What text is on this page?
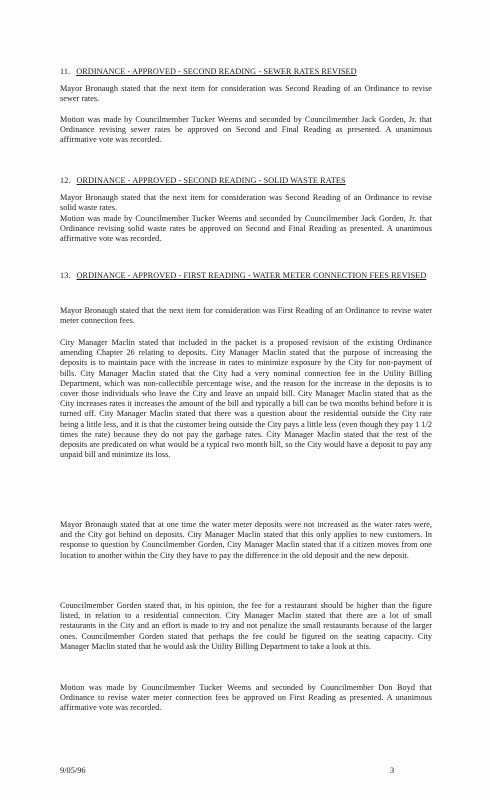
11. ORDINANCE - APPROVED - SECOND READING - SEWER RATES REVISED
Mayor Bronaugh stated that the next item for consideration was Second Reading of an Ordinance to revise sewer rates.
Motion was made by Councilmember Tucker Weems and seconded by Councilmember Jack Gorden, Jr. that Ordinance revising sewer rates be approved on Second and Final Reading as presented. A unanimous affirmative vote was recorded.
12. ORDINANCE - APPROVED - SECOND READING - SOLID WASTE RATES
Mayor Bronaugh stated that the next item for consideration was Second Reading of an Ordinance to revise solid waste rates.
Motion was made by Councilmember Tucker Weems and seconded by Councilmember Jack Gorden, Jr. that Ordinance revising solid waste rates be approved on Second and Final Reading as presented. A unanimous affirmative vote was recorded.
13. ORDINANCE - APPROVED - FIRST READING - WATER METER CONNECTION FEES REVISED
Mayor Bronaugh stated that the next item for consideration was First Reading of an Ordinance to revise water meter connection fees.
City Manager Maclin stated that included in the packet is a proposed revision of the existing Ordinance amending Chapter 26 relating to deposits. City Manager Maclin stated that the purpose of increasing the deposits is to maintain pace with the increase in rates to minimize exposure by the City for non-payment of bills. City Manager Maclin stated that the City had a very nominal connection fee in the Utility Billing Department, which was non-collectible percentage wise, and the reason for the increase in the deposits is to cover those individuals who leave the City and leave an unpaid bill. City Manager Maclin stated that as the City increases rates it increases the amount of the bill and typically a bill can be two months behind before it is turned off. City Manager Maclin stated that there was a question about the residential outside the City rate being a little less, and it is that the customer being outside the City pays a little less (even though they pay 1 1/2 times the rate) because they do not pay the garbage rates. City Manager Maclin stated that the rest of the deposits are predicated on what would be a typical two month bill, so the City would have a deposit to pay any unpaid bill and minimize its loss.
Mayor Bronaugh stated that at one time the water meter deposits were not increased as the water rates were, and the City got behind on deposits. City Manager Maclin stated that this only applies to new customers. In response to question by Councilmember Gorden, City Manager Maclin stated that if a citizen moves from one location to another within the City they have to pay the difference in the old deposit and the new deposit.
Councilmember Gorden stated that, in his opinion, the fee for a restaurant should be higher than the figure listed, in relation to a residential connection. City Manager Maclin stated that there are a lot of small restaurants in the City and an effort is made to try and not penalize the small restaurants because of the larger ones. Councilmember Gorden stated that perhaps the fee could be figured on the seating capacity. City Manager Maclin stated that he would ask the Utility Billing Department to take a look at this.
Motion was made by Councilmember Tucker Weems and seconded by Councilmember Don Boyd that Ordinance to revise water meter connection fees be approved on First Reading as presented. A unanimous affirmative vote was recorded.
9/05/96	3
